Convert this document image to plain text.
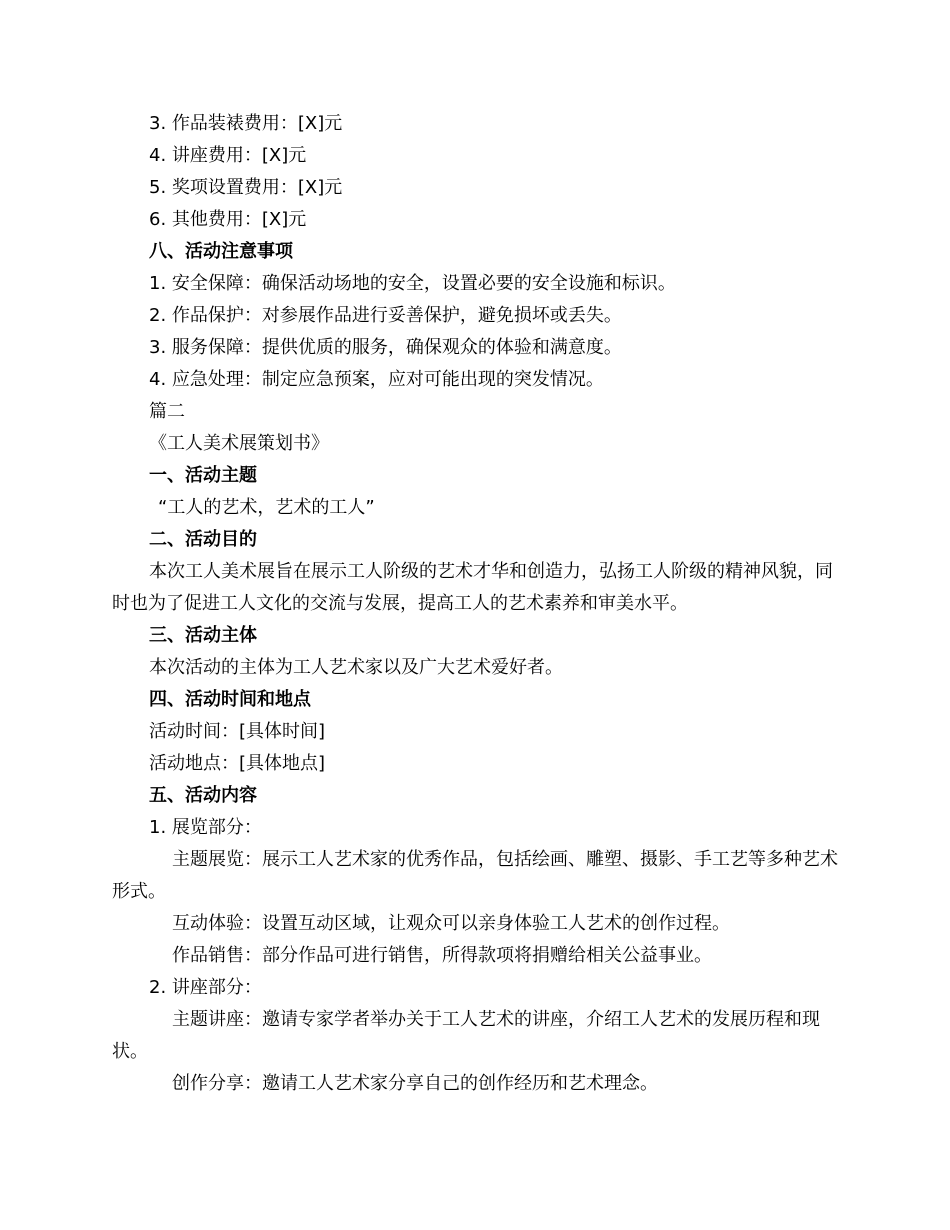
3. 作品装裱费用：[X]元

4. 讲座费用：[X]元

5. 奖项设置费用：[X]元

6. 其他费用：[X]元

八、活动注意事项

1. 安全保障：确保活动场地的安全，设置必要的安全设施和标识。

2. 作品保护：对参展作品进行妥善保护，避免损坏或丢失。

3. 服务保障：提供优质的服务，确保观众的体验和满意度。

4. 应急处理：制定应急预案，应对可能出现的突发情况。

篇二

《工人美术展策划书》

一、活动主题

“工人的艺术，艺术的工人”

二、活动目的

本次工人美术展旨在展示工人阶级的艺术才华和创造力，弘扬工人阶级的精神风貌，同时也为了促进工人文化的交流与发展，提高工人的艺术素养和审美水平。

三、活动主体

本次活动的主体为工人艺术家以及广大艺术爱好者。

四、活动时间和地点

活动时间：[具体时间]

活动地点：[具体地点]

五、活动内容

1. 展览部分：

主题展览：展示工人艺术家的优秀作品，包括绘画、雕塑、摄影、手工艺等多种艺术形式。

互动体验：设置互动区域，让观众可以亲身体验工人艺术的创作过程。

作品销售：部分作品可进行销售，所得款项将捐赠给相关公益事业。

2. 讲座部分：

主题讲座：邀请专家学者举办关于工人艺术的讲座，介绍工人艺术的发展历程和现状。

创作分享：邀请工人艺术家分享自己的创作经历和艺术理念。
